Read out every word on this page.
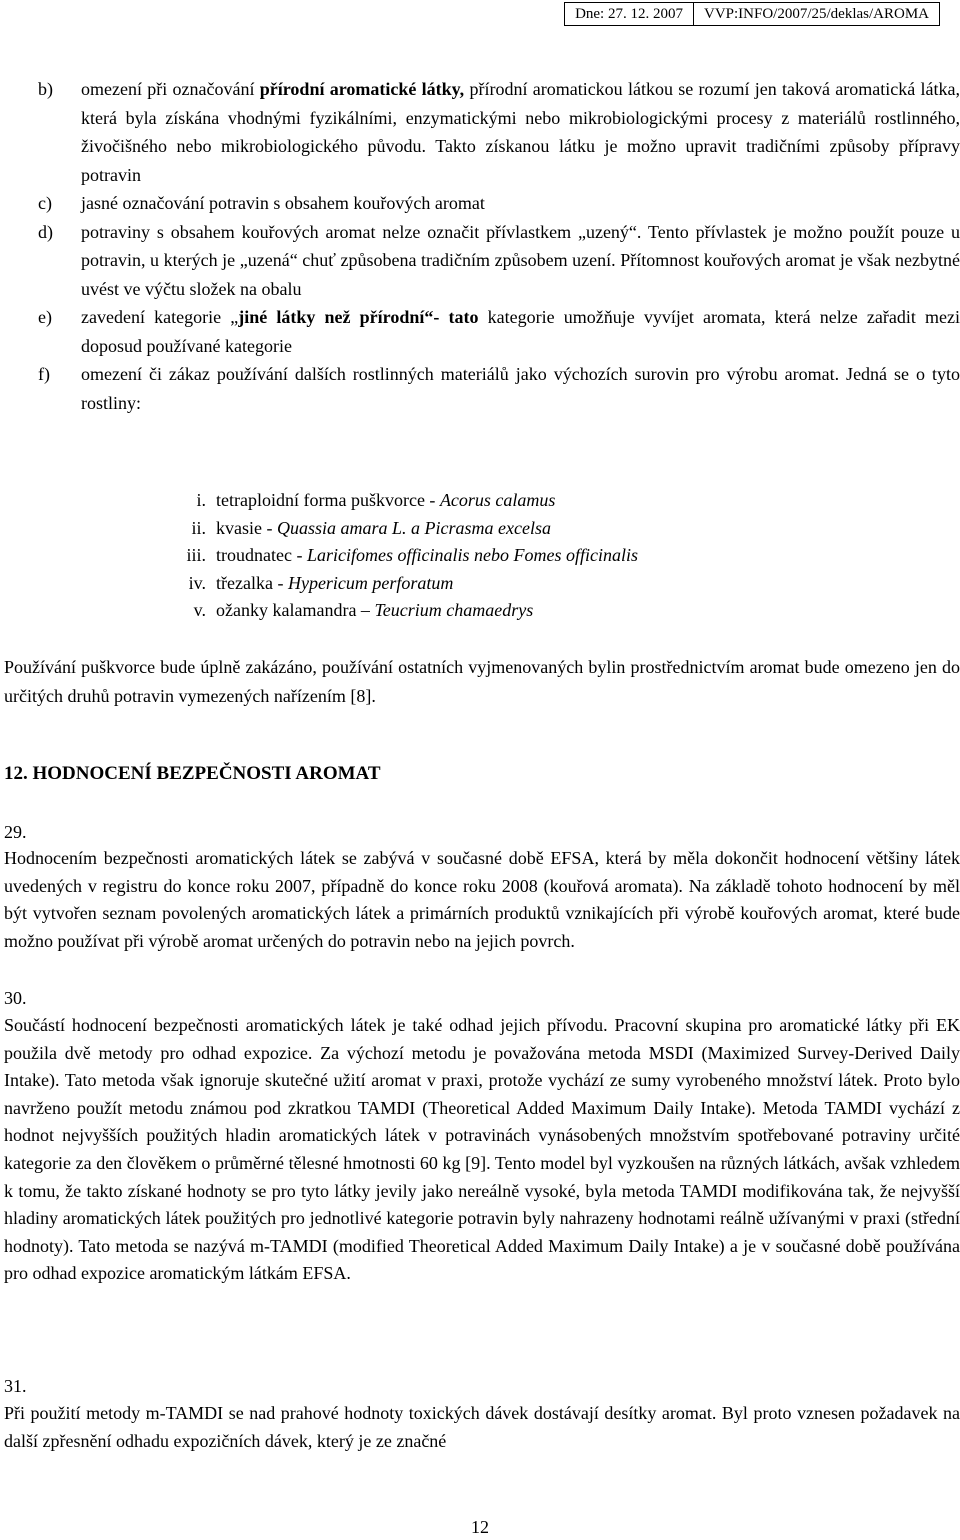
Dne: 27. 12. 2007	VVP:INFO/2007/25/deklas/AROMA
b)	omezení při označování přírodní aromatické látky, přírodní aromatickou látkou se rozumí jen taková aromatická látka, která byla získána vhodnými fyzikálními, enzymatickými nebo mikrobiologickými procesy z materiálů rostlinného, živočišného nebo mikrobiologického původu. Takto získanou látku je možno upravit tradičními způsoby přípravy potravin
c)	jasné označování potravin s obsahem kouřových aromat
d)	potraviny s obsahem kouřových aromat nelze označit přívlastkem „uzený“. Tento přívlastek je možno použít pouze u potravin, u kterých je „uzená“ chuť způsobena tradičním způsobem uzení. Přítomnost kouřových aromat je však nezbytné uvést ve výčtu složek na obalu
e)	zavedení kategorie „jiné látky než přírodní“- tato kategorie umožňuje vyvíjet aromata, která nelze zařadit mezi doposud používané kategorie
f)	omezení či zákaz používání dalších rostlinných materiálů jako výchozích surovin pro výrobu aromat. Jedná se o tyto rostliny:
i. tetraploidní forma puškvorce - Acorus calamus
ii. kvasie - Quassia amara L. a Picrasma excelsa
iii. troudnatec - Laricifomes officinalis nebo Fomes officinalis
iv. třezalka - Hypericum perforatum
v. ožanky kalamandra – Teucrium chamaedrys
Používání puškvorce bude úplně zakázáno, používání ostatních vyjmenovaných bylin prostřednictvím aromat bude omezeno jen do určitých druhů potravin vymezených nařízením [8].
12. HODNOCENÍ BEZPEČNOSTI AROMAT
29.
Hodnocením bezpečnosti aromatických látek se zabývá v současné době EFSA, která by měla dokončit hodnocení většiny látek uvedených v registru do konce roku 2007, případně do konce roku 2008 (kouřová aromata). Na základě tohoto hodnocení by měl být vytvořen seznam povolených aromatických látek a primárních produktů vznikajících při výrobě kouřových aromat, které bude možno používat při výrobě aromat určených do potravin nebo na jejich povrch.
30.
Součástí hodnocení bezpečnosti aromatických látek je také odhad jejich přívodu. Pracovní skupina pro aromatické látky při EK použila dvě metody pro odhad expozice. Za výchozí metodu je považována metoda MSDI (Maximized Survey-Derived Daily Intake). Tato metoda však ignoruje skutečné užití aromat v praxi, protože vychází ze sumy vyrobeného množství látek. Proto bylo navrženo použít metodu známou pod zkratkou TAMDI (Theoretical Added Maximum Daily Intake). Metoda TAMDI vychází z hodnot nejvyšších použitých hladin aromatických látek v potravinách vynásobených množstvím spotřebované potraviny určité kategorie za den člověkem o průměrné tělesné hmotnosti 60 kg [9]. Tento model byl vyzkoušen na různých látkách, avšak vzhledem k tomu, že takto získané hodnoty se pro tyto látky jevily jako nereálně vysoké, byla metoda TAMDI modifikována tak, že nejvyšší hladiny aromatických látek použitých pro jednotlivé kategorie potravin byly nahrazeny hodnotami reálně užívanými v praxi (střední hodnoty). Tato metoda se nazývá m-TAMDI (modified Theoretical Added Maximum Daily Intake) a je v současné době používána pro odhad expozice aromatickým látkám EFSA.
31.
Při použití metody m-TAMDI se nad prahové hodnoty toxických dávek dostávají desítky aromat. Byl proto vznesen požadavek na další zpřesnění odhadu expozičních dávek, který je ze značné
12
